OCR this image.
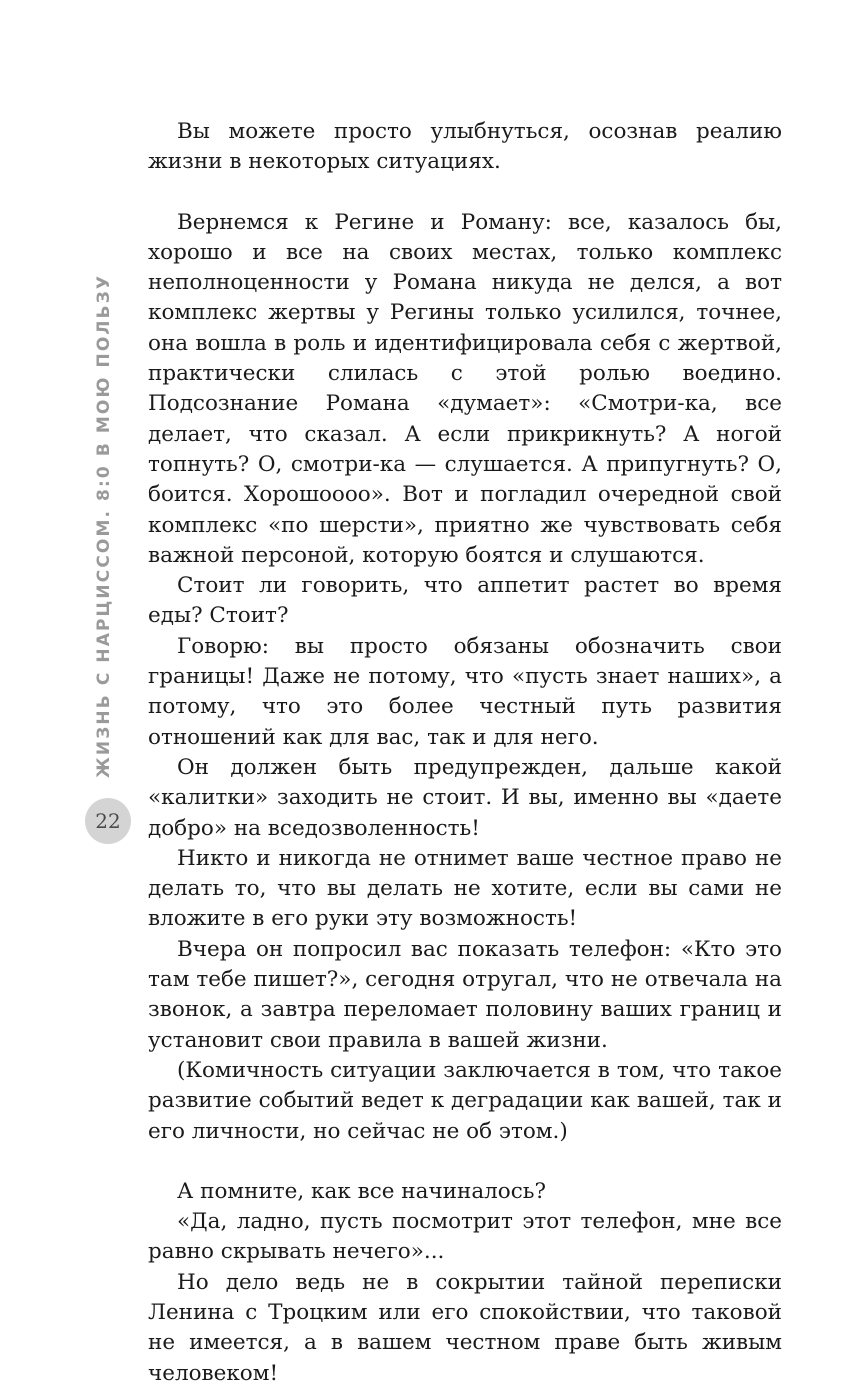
ЖИЗНЬ С НАРЦИССОМ. 8:0 В МОЮ ПОЛЬЗУ
22

Вы можете просто улыбнуться, осознав реалию жизни в некоторых ситуациях.

Вернемся к Регине и Роману: все, казалось бы, хорошо и все на своих местах, только комплекс неполноценности у Романа никуда не делся, а вот комплекс жертвы у Регины только усилился, точнее, она вошла в роль и идентифицировала себя с жертвой, практически слилась с этой ролью воедино. Подсознание Романа «думает»: «Смотри-ка, все делает, что сказал. А если прикрикнуть? А ногой топнуть? О, смотри-ка — слушается. А припугнуть? О, боится. Хорошоооо». Вот и погладил очередной свой комплекс «по шерсти», приятно же чувствовать себя важной персоной, которую боятся и слушаются.

Стоит ли говорить, что аппетит растет во время еды? Стоит?

Говорю: вы просто обязаны обозначить свои границы! Даже не потому, что «пусть знает наших», а потому, что это более честный путь развития отношений как для вас, так и для него.

Он должен быть предупрежден, дальше какой «калитки» заходить не стоит. И вы, именно вы «даете добро» на вседозволенность!

Никто и никогда не отнимет ваше честное право не делать то, что вы делать не хотите, если вы сами не вложите в его руки эту возможность!

Вчера он попросил вас показать телефон: «Кто это там тебе пишет?», сегодня отругал, что не отвечала на звонок, а завтра переломает половину ваших границ и установит свои правила в вашей жизни.

(Комичность ситуации заключается в том, что такое развитие событий ведет к деградации как вашей, так и его личности, но сейчас не об этом.)

А помните, как все начиналось?

«Да, ладно, пусть посмотрит этот телефон, мне все равно скрывать нечего»...

Но дело ведь не в сокрытии тайной переписки Ленина с Троцким или его спокойствии, что таковой не имеется, а в вашем честном праве быть живым человеком!
